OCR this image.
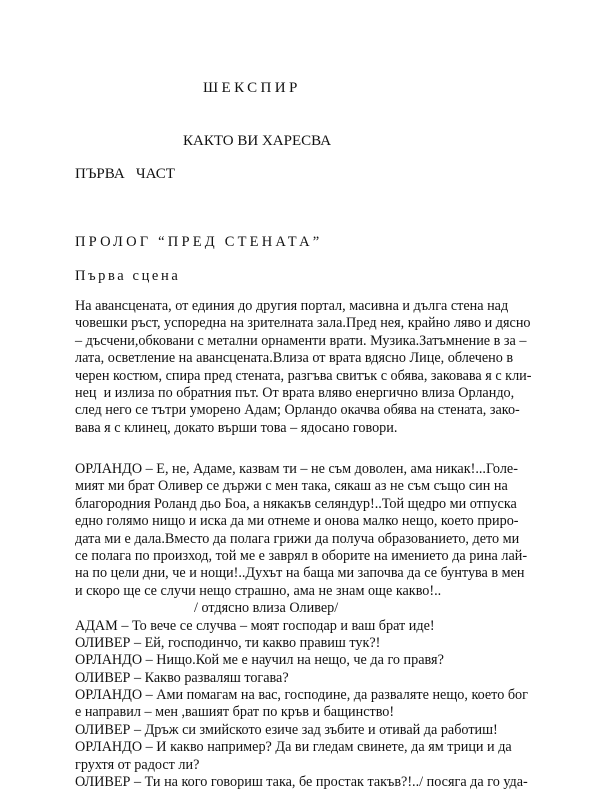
ШЕКСПИР
КАКТО ВИ ХАРЕСВА
ПЪРВА   ЧАСТ
ПРОЛОГ “ПРЕД СТЕНАТА”
Първа сцена
На авансцената, от единия до другия портал, масивна и дълга стена над
човешки ръст, успоредна на зрителната зала.Пред нея, крайно ляво и дясно
– дъсчени,обковани с метални орнаменти врати. Музика.Затъмнение в за –
лата, осветление на авансцената.Влиза от врата вдясно Лице, облечено в
черен костюм, спира пред стената, разгъва свитък с обява, заковава я с кли-
нец  и излиза по обратния път. От врата вляво енергично влиза Орландо,
след него се тътри уморено Адам; Орландо окачва обява на стената, зако-
вава я с клинец, докато върши това – ядосано говори.
ОРЛАНДО – Е, не, Адаме, казвам ти – не съм доволен, ама никак!...Голе-
мият ми брат Оливер се държи с мен така, сякаш аз не съм също син на
благородния Роланд дьо Боа, а някакъв селяндур!..Той щедро ми отпуска
едно голямо нищо и иска да ми отнеме и онова малко нещо, което приро-
дата ми е дала.Вместо да полага грижи да получа образованието, дето ми
се полага по произход, той ме е заврял в оборите на имението да рина лай-
на по цели дни, че и нощи!..Духът на баща ми започва да се бунтува в мен
и скоро ще се случи нещо страшно, ама не знам още какво!..
/ отдясно влиза Оливер/
АДАМ – То вече се случва – моят господар и ваш брат иде!
ОЛИВЕР – Ей, господинчо, ти какво правиш тук?!
ОРЛАНДО – Нищо.Кой ме е научил на нещо, че да го правя?
ОЛИВЕР – Какво разваляш тогава?
ОРЛАНДО – Ами помагам на вас, господине, да разваляте нещо, което бог
е направил – мен ,вашият брат по кръв и бащинство!
ОЛИВЕР – Дръж си змийското езиче зад зъбите и отивай да работиш!
ОРЛАНДО – И какво например? Да ви гледам свинете, да ям трици и да
грухтя от радост ли?
ОЛИВЕР – Ти на кого говориш така, бе простак такъв?!../ посяга да го уда-
